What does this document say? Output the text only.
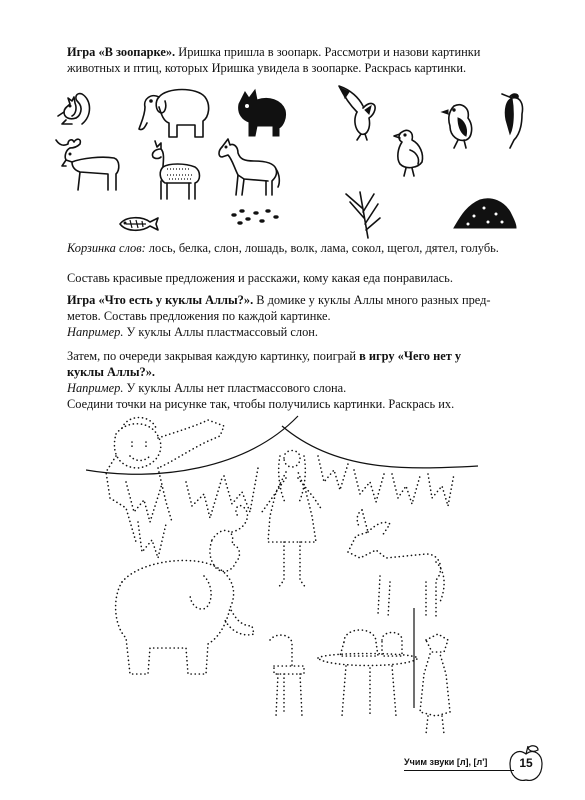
Игра «В зоопарке». Иришка пришла в зоопарк. Рассмотри и назови картинки
животных и птиц, которых Иришка увидела в зоопарке. Раскрась картинки.
Корзинка слов: лось, белка, слон, лошадь, волк, лама, сокол, щегол, дятел, голубь.
Составь красивые предложения и расскажи, кому какая еда понравилась.
Игра «Что есть у куклы Аллы?». В домике у куклы Аллы много разных пред-
метов. Составь предложения по каждой картинке.
Например. У куклы Аллы пластмассовый слон.
Затем, по очереди закрывая каждую картинку, поиграй в игру «Чего нет у
куклы Аллы?».
Например. У куклы Аллы нет пластмассового слона.
Соедини точки на рисунке так, чтобы получились картинки. Раскрась их.
Учим звуки [л], [л']	15
